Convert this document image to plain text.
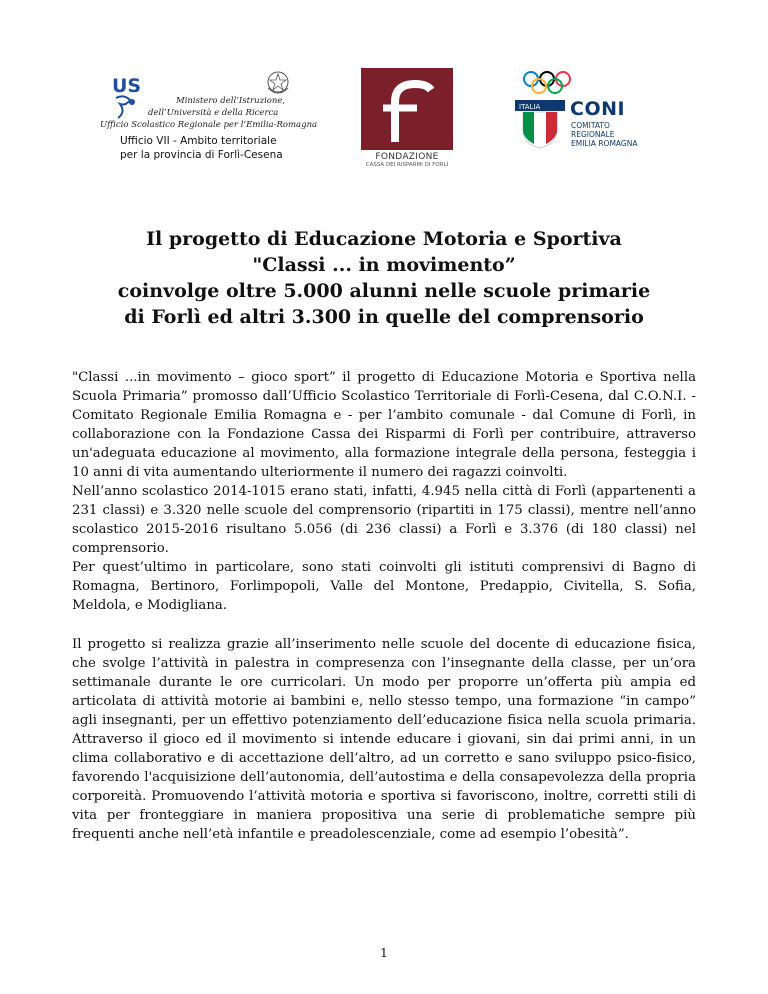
US
Ministero dell’Istruzione,
dell’Università e della Ricerca
Ufficio Scolastico Regionale per l’Emilia-Romagna
Ufficio VII - Ambito territoriale
per la provincia di Forlì-Cesena	FONDAZIONE
CASSA DEI RISPARMI DI FORLÌ
ITALIA CONI
COMITATO
REGIONALE
EMILIA ROMAGNA
Il progetto di Educazione Motoria e Sportiva
"Classi ... in movimento”
coinvolge oltre 5.000 alunni nelle scuole primarie
di Forlì ed altri 3.300 in quelle del comprensorio

"Classi ...in movimento – gioco sport” il progetto di Educazione Motoria e Sportiva nella Scuola Primaria” promosso dall’Ufficio Scolastico Territoriale di Forlì-Cesena, dal C.O.N.I. - Comitato Regionale Emilia Romagna e - per l’ambito comunale - dal Comune di Forlì, in collaborazione con la Fondazione Cassa dei Risparmi di Forlì per contribuire, attraverso un'adeguata educazione al movimento, alla formazione integrale della persona, festeggia i 10 anni di vita aumentando ulteriormente il numero dei ragazzi coinvolti.

Nell’anno scolastico 2014-1015 erano stati, infatti, 4.945 nella città di Forlì (appartenenti a 231 classi) e 3.320 nelle scuole del comprensorio (ripartiti in 175 classi), mentre nell’anno scolastico 2015-2016 risultano 5.056 (di 236 classi) a Forlì e 3.376 (di 180 classi) nel comprensorio.

Per quest’ultimo in particolare, sono stati coinvolti gli istituti comprensivi di Bagno di Romagna, Bertinoro, Forlimpopoli, Valle del Montone, Predappio, Civitella, S. Sofia, Meldola, e Modigliana.

Il progetto si realizza grazie all’inserimento nelle scuole del docente di educazione fisica, che svolge l’attività in palestra in compresenza con l’insegnante della classe, per un’ora settimanale durante le ore curricolari. Un modo per proporre un’offerta più ampia ed articolata di attività motorie ai bambini e, nello stesso tempo, una formazione “in campo” agli insegnanti, per un effettivo potenziamento dell’educazione fisica nella scuola primaria. Attraverso il gioco ed il movimento si intende educare i giovani, sin dai primi anni, in un clima collaborativo e di accettazione dell’altro, ad un corretto e sano sviluppo psico-fisico, favorendo l'acquisizione dell’autonomia, dell’autostima e della consapevolezza della propria corporeità. Promuovendo l’attività motoria e sportiva si favoriscono, inoltre, corretti stili di vita per fronteggiare in maniera propositiva una serie di problematiche sempre più frequenti anche nell’età infantile e preadolescenziale, come ad esempio l’obesità”.

1
